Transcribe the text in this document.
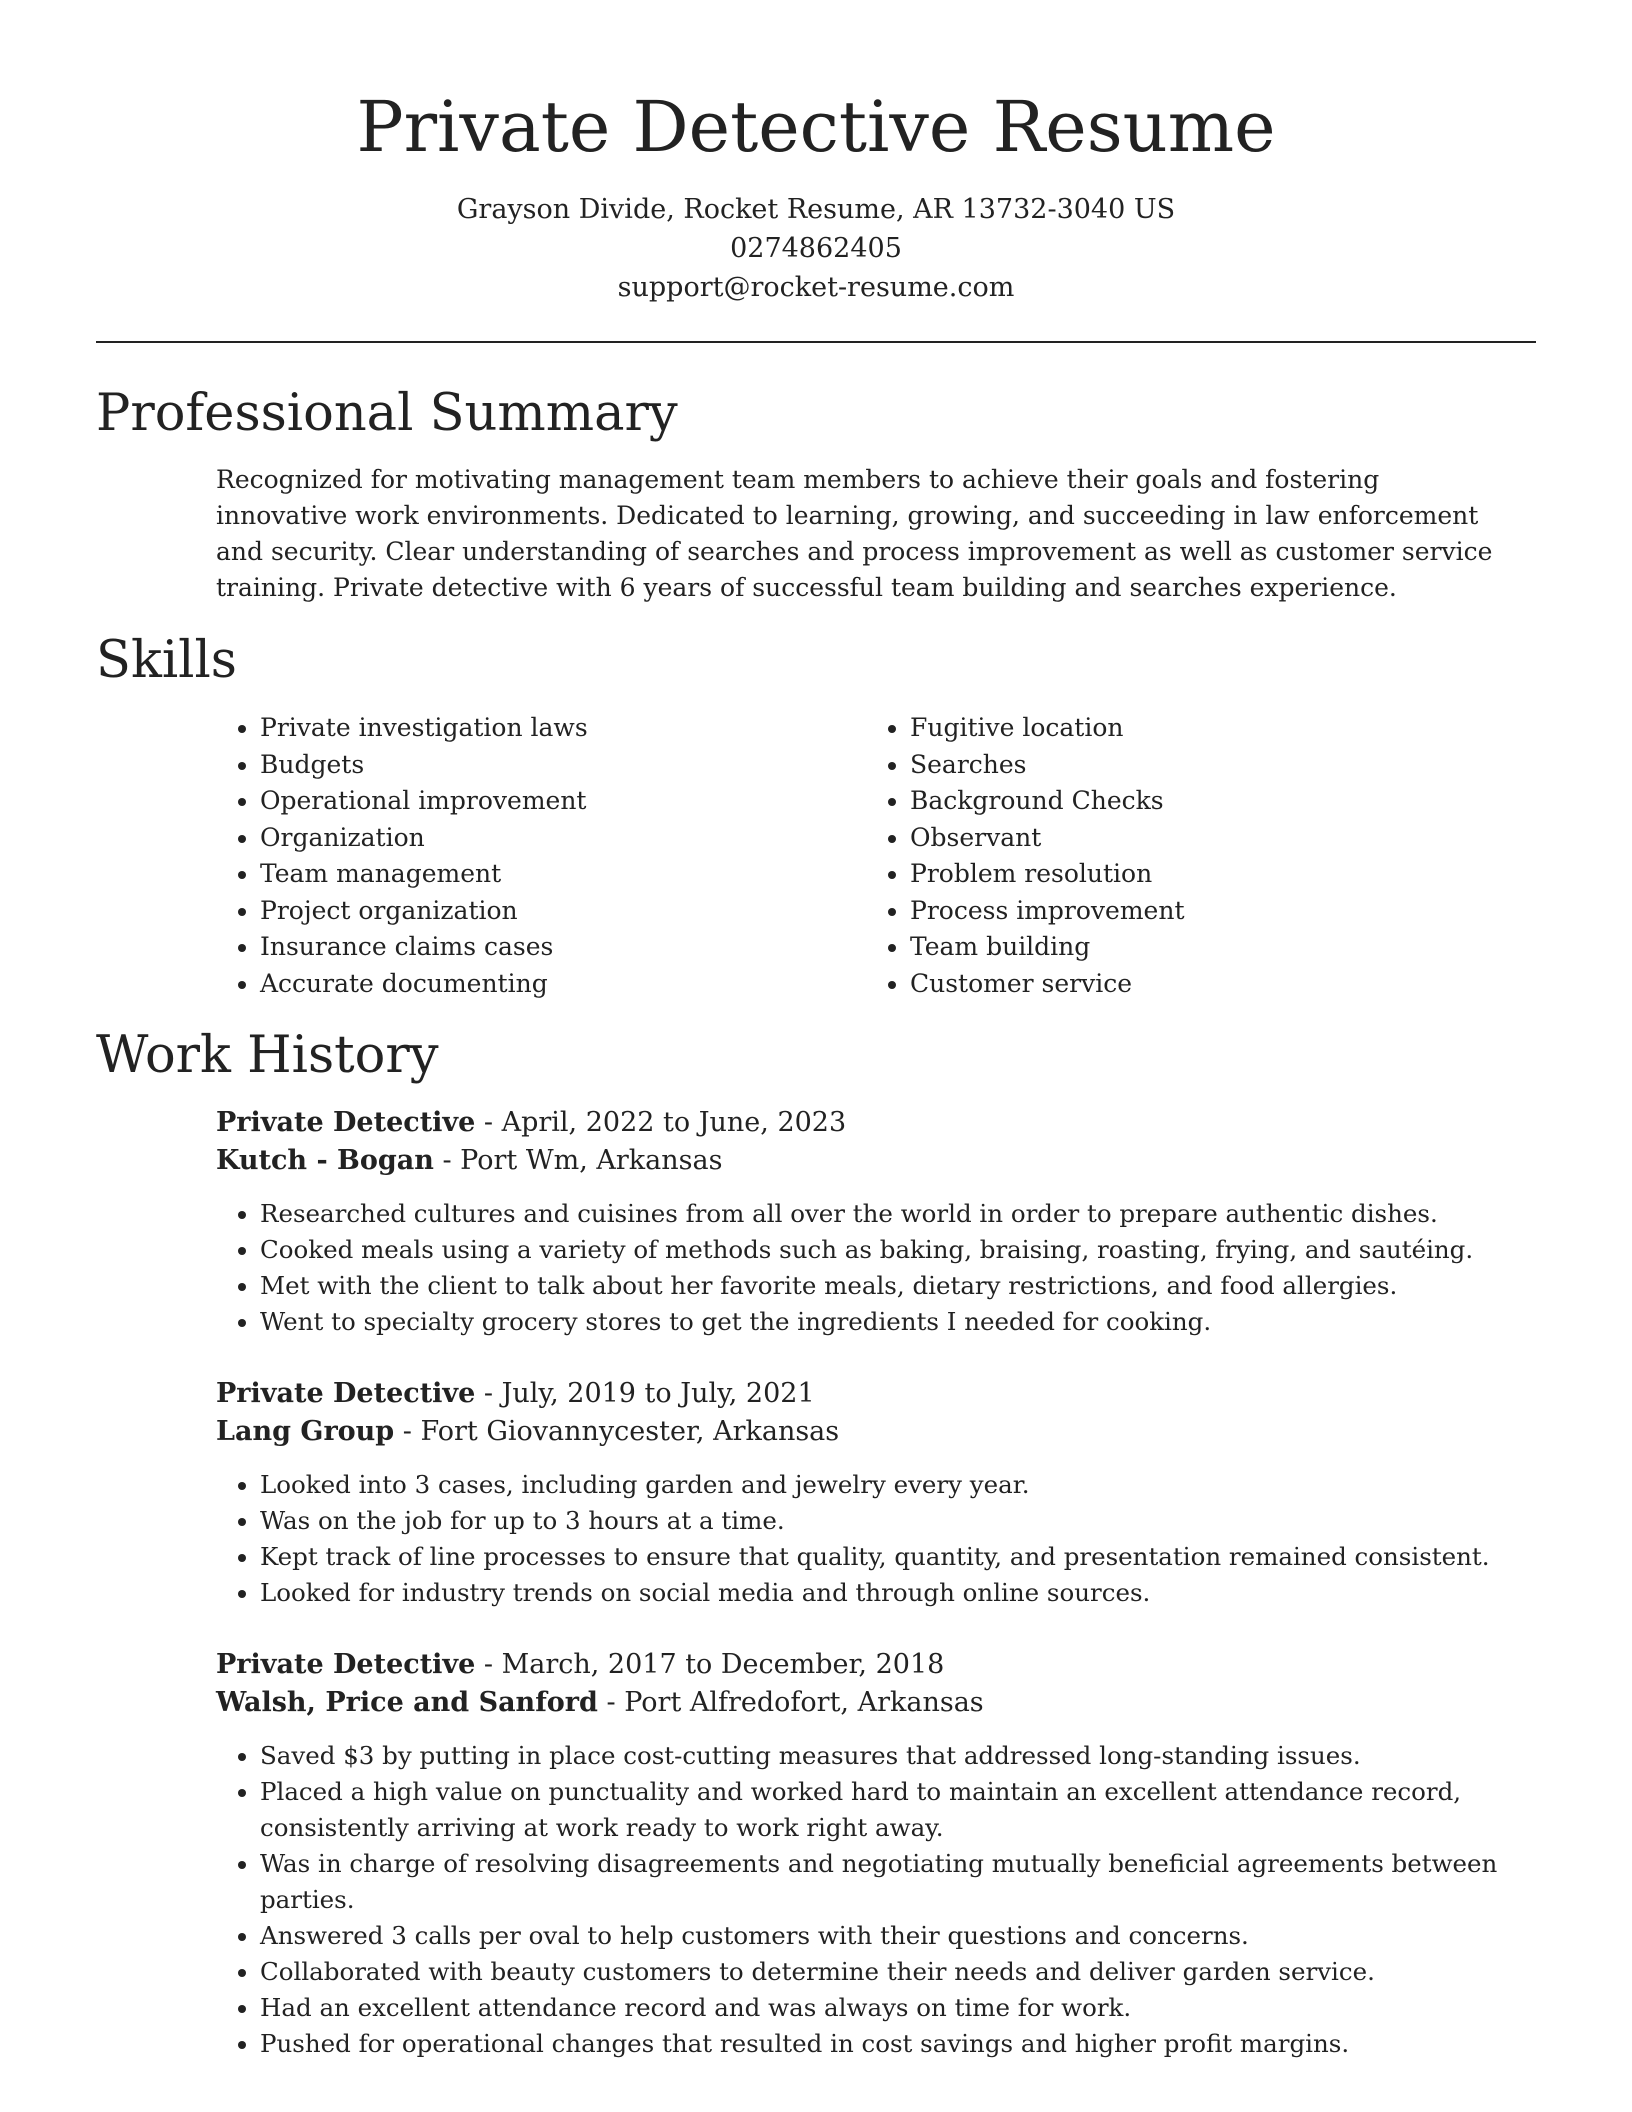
Private Detective Resume
Grayson Divide, Rocket Resume, AR 13732-3040 US
0274862405
support@rocket-resume.com
Professional Summary

Recognized for motivating management team members to achieve their goals and fostering innovative work environments. Dedicated to learning, growing, and succeeding in law enforcement and security. Clear understanding of searches and process improvement as well as customer service training. Private detective with 6 years of successful team building and searches experience.

Skills
• Private investigation laws
• Budgets
• Operational improvement
• Organization
• Team management
• Project organization
• Insurance claims cases
• Accurate documenting
• Fugitive location
• Searches
• Background Checks
• Observant
• Problem resolution
• Process improvement
• Team building
• Customer service
Work History
Private Detective - April, 2022 to June, 2023
Kutch - Bogan - Port Wm, Arkansas
• Researched cultures and cuisines from all over the world in order to prepare authentic dishes.
• Cooked meals using a variety of methods such as baking, braising, roasting, frying, and sautéing.
• Met with the client to talk about her favorite meals, dietary restrictions, and food allergies.
• Went to specialty grocery stores to get the ingredients I needed for cooking.
Private Detective - July, 2019 to July, 2021
Lang Group - Fort Giovannycester, Arkansas
• Looked into 3 cases, including garden and jewelry every year.
• Was on the job for up to 3 hours at a time.
• Kept track of line processes to ensure that quality, quantity, and presentation remained consistent.
• Looked for industry trends on social media and through online sources.
Private Detective - March, 2017 to December, 2018
Walsh, Price and Sanford - Port Alfredofort, Arkansas
• Saved $3 by putting in place cost-cutting measures that addressed long-standing issues.
• Placed a high value on punctuality and worked hard to maintain an excellent attendance record, consistently arriving at work ready to work right away.
• Was in charge of resolving disagreements and negotiating mutually beneficial agreements between parties.
• Answered 3 calls per oval to help customers with their questions and concerns.
• Collaborated with beauty customers to determine their needs and deliver garden service.
• Had an excellent attendance record and was always on time for work.
• Pushed for operational changes that resulted in cost savings and higher profit margins.
